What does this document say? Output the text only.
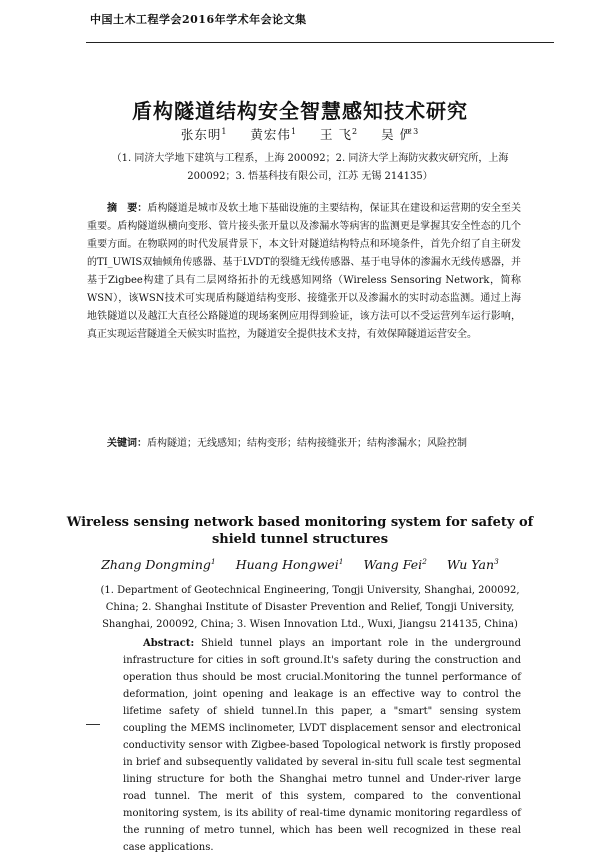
中国土木工程学会2016年学术年会论文集
盾构隧道结构安全智慧感知技术研究
张东明$^1$ 黄宏伟$^1$ 王 飞$^2$ 吴 俨$^3$
（1. 同济大学地下建筑与工程系，上海 200092；2. 同济大学上海防灾救灾研究所，上海 200092；3. 悟基科技有限公司，江苏 无锡 214135）
摘　要：盾构隧道是城市及软土地下基础设施的主要结构，保证其在建设和运营期的安全至关重要。盾构隧道纵横向变形、管片接头张开量以及渗漏水等病害的监测更是掌握其安全性态的几个重要方面。在物联网的时代发展背景下，本文针对隧道结构特点和环境条件，首先介绍了自主研发的TI_UWIS双轴倾角传感器、基于LVDT的裂缝无线传感器、基于电导体的渗漏水无线传感器，并基于Zigbee构建了具有二层网络拓扑的无线感知网络（Wireless Sensoring Network，简称WSN），该WSN技术可实现盾构隧道结构变形、接缝张开以及渗漏水的实时动态监测。通过上海地铁隧道以及越江大直径公路隧道的现场案例应用得到验证，该方法可以不受运营列车运行影响，真正实现运营隧道全天候实时监控，为隧道安全提供技术支持，有效保障隧道运营安全。
关键词：盾构隧道；无线感知；结构变形；结构接缝张开；结构渗漏水；风险控制
Wireless sensing network based monitoring system for safety of shield tunnel structures
Zhang Dongming$^1$ Huang Hongwei$^1$ Wang Fei$^2$ Wu Yan$^3$
(1. Department of Geotechnical Engineering, Tongji University, Shanghai, 200092, China; 2. Shanghai Institute of Disaster Prevention and Relief, Tongji University, Shanghai, 200092, China; 3. Wisen Innovation Ltd., Wuxi, Jiangsu 214135, China)
Abstract: Shield tunnel plays an important role in the underground infrastructure for cities in soft ground.It's safety during the construction and operation thus should be most crucial.Monitoring the tunnel performance of deformation, joint opening and leakage is an effective way to control the lifetime safety of shield tunnel.In this paper, a "smart" sensing system coupling the MEMS inclinometer, LVDT displacement sensor and electronical conductivity sensor with Zigbee-based Topological network is firstly proposed in brief and subsequently validated by several in-situ full scale test segmental lining structure for both the Shanghai metro tunnel and Under-river large road tunnel. The merit of this system, compared to the conventional monitoring system, is its ability of real-time dynamic monitoring regardless of the running of metro tunnel, which has been well recognized in these real case applications.
